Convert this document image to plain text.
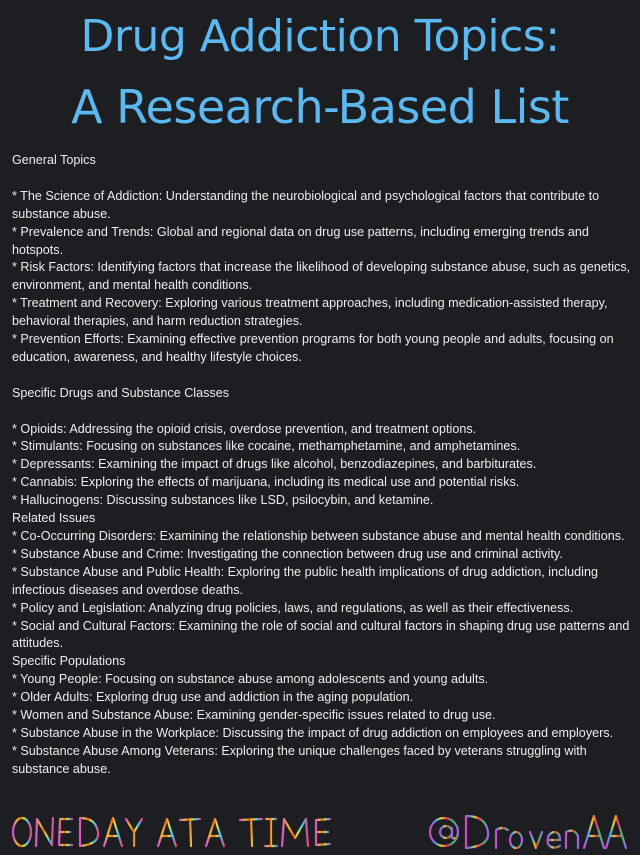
Drug Addiction Topics:
A Research-Based List

General Topics

* The Science of Addiction: Understanding the neurobiological and psychological factors that contribute to substance abuse.

* Prevalence and Trends: Global and regional data on drug use patterns, including emerging trends and hotspots.

* Risk Factors: Identifying factors that increase the likelihood of developing substance abuse, such as genetics, environment, and mental health conditions.

* Treatment and Recovery: Exploring various treatment approaches, including medication-assisted therapy, behavioral therapies, and harm reduction strategies.

* Prevention Efforts: Examining effective prevention programs for both young people and adults, focusing on education, awareness, and healthy lifestyle choices.

Specific Drugs and Substance Classes

* Opioids: Addressing the opioid crisis, overdose prevention, and treatment options.

* Stimulants: Focusing on substances like cocaine, methamphetamine, and amphetamines.

* Depressants: Examining the impact of drugs like alcohol, benzodiazepines, and barbiturates.

* Cannabis: Exploring the effects of marijuana, including its medical use and potential risks.

* Hallucinogens: Discussing substances like LSD, psilocybin, and ketamine.

Related Issues

* Co-Occurring Disorders: Examining the relationship between substance abuse and mental health conditions.

* Substance Abuse and Crime: Investigating the connection between drug use and criminal activity.

* Substance Abuse and Public Health: Exploring the public health implications of drug addiction, including infectious diseases and overdose deaths.

* Policy and Legislation: Analyzing drug policies, laws, and regulations, as well as their effectiveness.

* Social and Cultural Factors: Examining the role of social and cultural factors in shaping drug use patterns and attitudes.

Specific Populations

* Young People: Focusing on substance abuse among adolescents and young adults.

* Older Adults: Exploring drug use and addiction in the aging population.

* Women and Substance Abuse: Examining gender-specific issues related to drug use.

* Substance Abuse in the Workplace: Discussing the impact of drug addiction on employees and employers.

* Substance Abuse Among Veterans: Exploring the unique challenges faced by veterans struggling with substance abuse.
